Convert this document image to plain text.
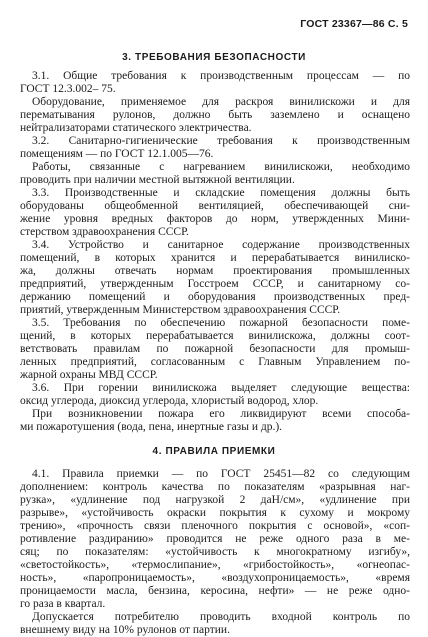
ГОСТ 23367—86 С. 5
3. ТРЕБОВАНИЯ БЕЗОПАСНОСТИ
3.1. Общие требования к производственным процессам — по
ГОСТ 12.3.002– 75.
Оборудование, применяемое для раскроя винилискожи и для
перематывания рулонов, должно быть заземлено и оснащено
нейтрализаторами статического электричества.
3.2. Санитарно-гигиенические требования к производственным
помещениям — по ГОСТ 12.1.005—76.
Работы, связанные с нагреванием винилискожи, необходимо
проводить при наличии местной вытяжной вентиляции.
3.3. Производственные и складские помещения должны быть
оборудованы общеобменной вентиляцией, обеспечивающей сни-
жение уровня вредных факторов до норм, утвержденных Мини-
стерством здравоохранения СССР.
3.4. Устройство и санитарное содержание производственных
помещений, в которых хранится и перерабатывается винилиско-
жа, должны отвечать нормам проектирования промышленных
предприятий, утвержденным Госстроем СССР, и санитарному со-
держанию помещений и оборудования производственных пред-
приятий, утвержденным Министерством здравоохранения СССР.
3.5. Требования по обеспечению пожарной безопасности поме-
щений, в которых перерабатывается винилискожа, должны соот-
ветствовать правилам по пожарной безопасности для промыш-
ленных предприятий, согласованным с Главным Управлением по-
жарной охраны МВД СССР.
3.6. При горении винилискожа выделяет следующие вещества:
оксид углерода, диоксид углерода, хлористый водород, хлор.
При возникновении пожара его ликвидируют всеми способа-
ми пожаротушения (вода, пена, инертные газы и др.).
4. ПРАВИЛА ПРИЕМКИ
4.1. Правила приемки — по ГОСТ 25451—82 со следующим
дополнением: контроль качества по показателям «разрывная наг-
рузка», «удлинение под нагрузкой 2 даН/см», «удлинение при
разрыве», «устойчивость окраски покрытия к сухому и мокрому
трению», «прочность связи пленочного покрытия с основой», «соп-
ротивление раздиранию» проводится не реже одного раза в ме-
сяц; по показателям: «устойчивость к многократному изгибу»,
«светостойкость», «термослипание», «грибостойкость», «огнеопас-
ность», «паропроницаемость», «воздухопроницаемость», «время
проницаемости масла, бензина, керосина, нефти» — не реже одно-
го раза в квартал.
Допускается потребителю проводить входной контроль по
внешнему виду на 10% рулонов от партии.
